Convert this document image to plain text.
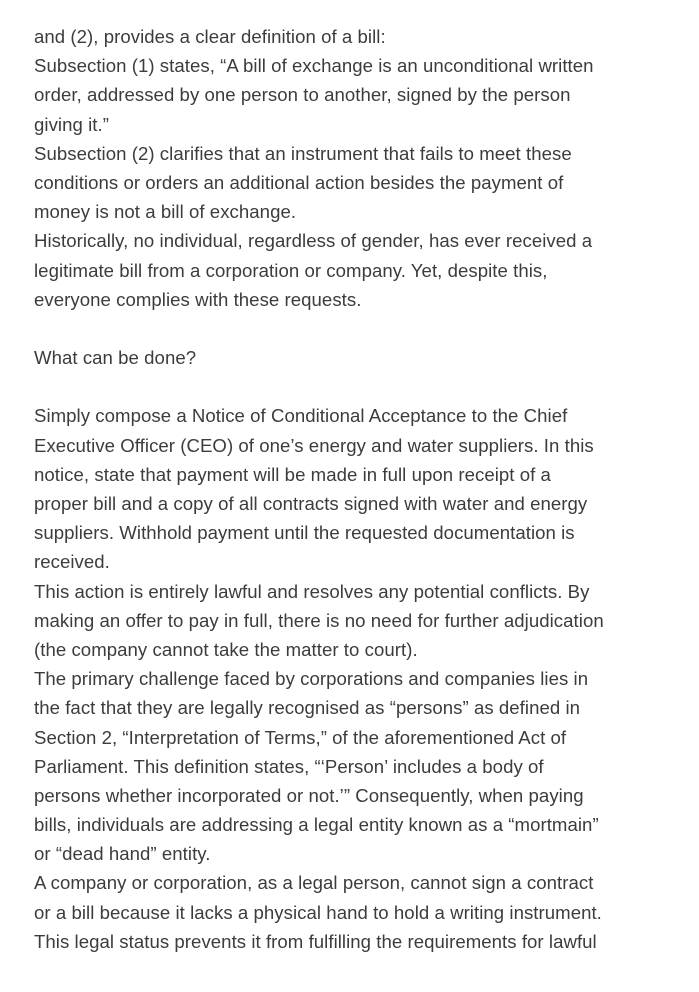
and (2), provides a clear definition of a bill:
Subsection (1) states, “A bill of exchange is an unconditional written
order, addressed by one person to another, signed by the person
giving it.”
Subsection (2) clarifies that an instrument that fails to meet these
conditions or orders an additional action besides the payment of
money is not a bill of exchange.
Historically, no individual, regardless of gender, has ever received a
legitimate bill from a corporation or company. Yet, despite this,
everyone complies with these requests.
What can be done?
Simply compose a Notice of Conditional Acceptance to the Chief
Executive Officer (CEO) of one’s energy and water suppliers. In this
notice, state that payment will be made in full upon receipt of a
proper bill and a copy of all contracts signed with water and energy
suppliers. Withhold payment until the requested documentation is
received.
This action is entirely lawful and resolves any potential conflicts. By
making an offer to pay in full, there is no need for further adjudication
(the company cannot take the matter to court).
The primary challenge faced by corporations and companies lies in
the fact that they are legally recognised as “persons” as defined in
Section 2, “Interpretation of Terms,” of the aforementioned Act of
Parliament. This definition states, “‘Person’ includes a body of
persons whether incorporated or not.’” Consequently, when paying
bills, individuals are addressing a legal entity known as a “mortmain”
or “dead hand” entity.
A company or corporation, as a legal person, cannot sign a contract
or a bill because it lacks a physical hand to hold a writing instrument.
This legal status prevents it from fulfilling the requirements for lawful
